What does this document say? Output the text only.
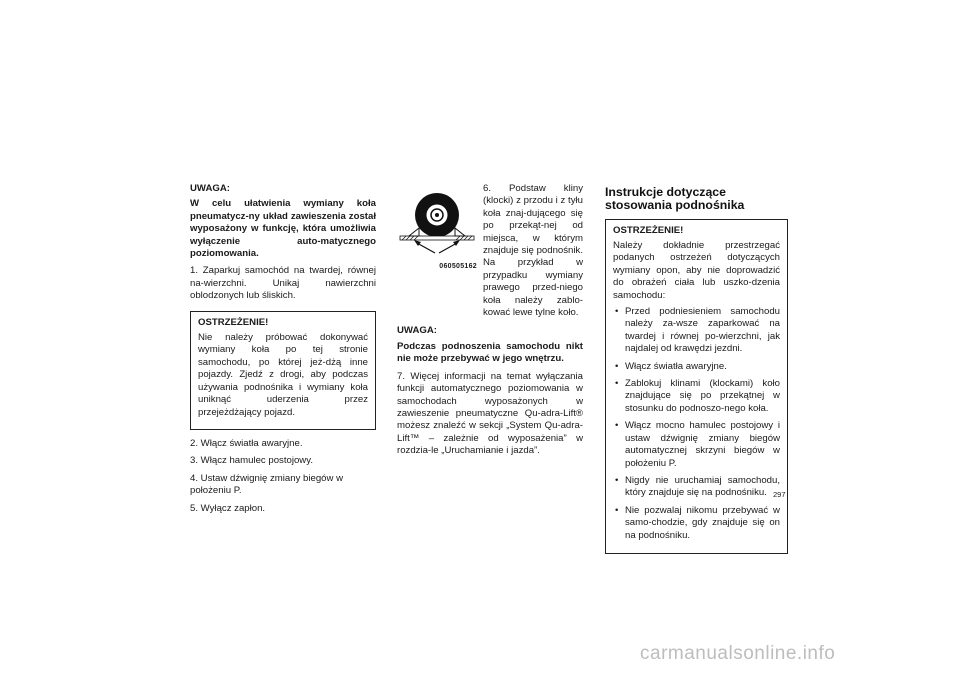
UWAGA:
W celu ułatwienia wymiany koła pneumatycz-ny układ zawieszenia został wyposażony w funkcję, która umożliwia wyłączenie auto-matycznego poziomowania.

1. Zaparkuj samochód na twardej, równej na-wierzchni. Unikaj nawierzchni oblodzonych lub śliskich.

OSTRZEŻENIE!

Nie należy próbować dokonywać wymiany koła po tej stronie samochodu, po której jeż-dżą inne pojazdy. Zjedź z drogi, aby podczas używania podnośnika i wymiany koła uniknąć uderzenia przez przejeżdżający pojazd.

2. Włącz światła awaryjne.
3. Włącz hamulec postojowy.
4. Ustaw dźwignię zmiany biegów w położeniu P.
5. Wyłącz zapłon.
060505162

6. Podstaw kliny (klocki) z przodu i z tyłu koła znaj-dującego się po przekąt-nej od miejsca, w którym znajduje się podnośnik. Na przykład w przypadku wymiany prawego przed-niego koła należy zablo-kować lewe tylne koło.

UWAGA:
Podczas podnoszenia samochodu nikt nie może przebywać w jego wnętrzu.

7. Więcej informacji na temat wyłączania funkcji automatycznego poziomowania w samochodach wyposażonych w zawieszenie pneumatyczne Qu-adra-Lift® możesz znaleźć w sekcji „System Qu-adra-Lift™ – zależnie od wyposażenia” w rozdzia-le „Uruchamianie i jazda”.

Instrukcje dotyczące stosowania podnośnika
OSTRZEŻENIE!

Należy dokładnie przestrzegać podanych ostrzeżeń dotyczących wymiany opon, aby nie doprowadzić do obrażeń ciała lub uszko-dzenia samochodu:

• Przed podniesieniem samochodu należy za-wsze zaparkować na twardej i równej po-wierzchni, jak najdalej od krawędzi jezdni.
• Włącz światła awaryjne.
• Zablokuj klinami (klockami) koło znajdujące się po przekątnej w stosunku do podnoszo-nego koła.
• Włącz mocno hamulec postojowy i ustaw dźwignię zmiany biegów automatycznej skrzyni biegów w położeniu P.
• Nigdy nie uruchamiaj samochodu, który znajduje się na podnośniku.
• Nie pozwalaj nikomu przebywać w samo-chodzie, gdy znajduje się on na podnośniku.
297
carmanualsonline.info
